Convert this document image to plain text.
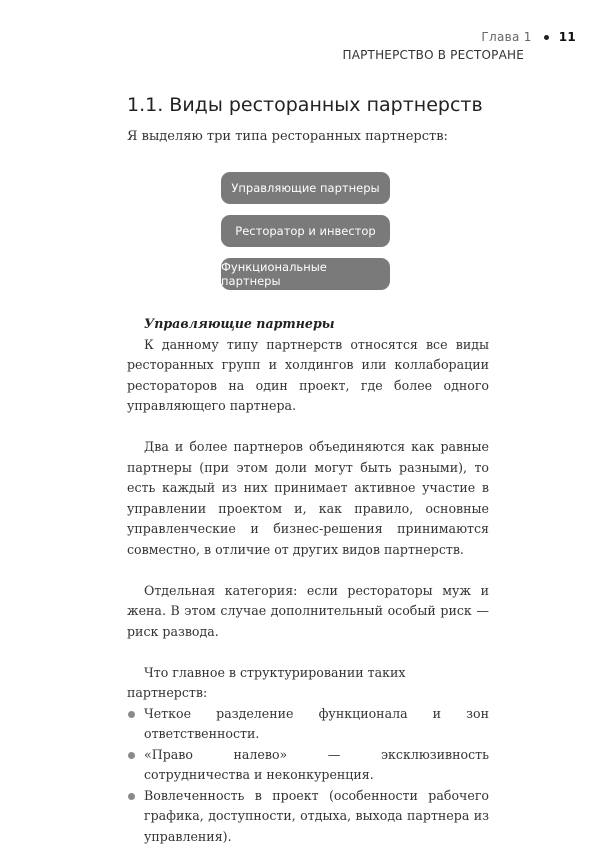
Глава 1 11
ПАРТНЕРСТВО В РЕСТОРАНЕ
1.1. Виды ресторанных партнерств
Я выделяю три типа ресторанных партнерств:
Управляющие партнеры
Ресторатор и инвестор
Функциональные партнеры
Управляющие партнеры

К данному типу партнерств относятся все виды ресторанных групп и холдингов или коллаборации рестораторов на один проект, где более одного управляющего партнера.

Два и более партнеров объединяются как равные партнеры (при этом доли могут быть разными), то есть каждый из них принимает активное участие в управлении проектом и, как правило, основные управленческие и бизнес-решения принимаются совместно, в отличие от других видов партнерств.

Отдельная категория: если рестораторы муж и жена. В этом случае дополнительный особый риск — риск развода.

Что главное в структурировании таких партнерств:
Четкое разделение функционала и зон ответственности.
«Право налево» — эксклюзивность сотрудничества и неконкуренция.
Вовлеченность в проект (особенности рабочего графика, доступности, отдыха, выхода партнера из управления).
